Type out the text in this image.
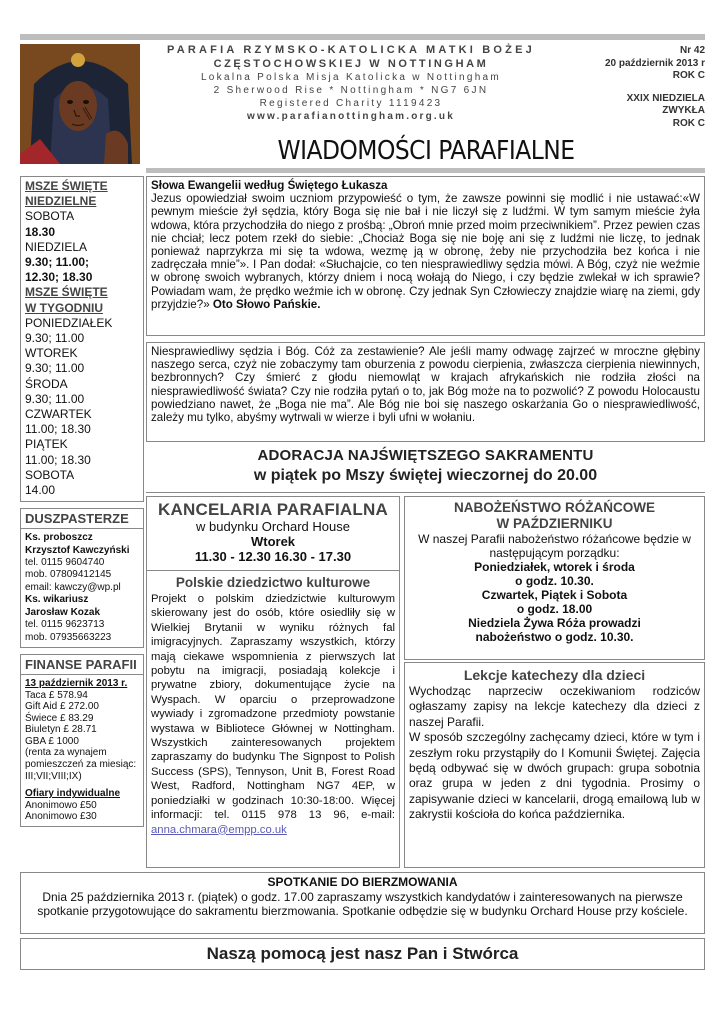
PARAFIA RZYMSKO-KATOLICKA MATKI BOŻEJ
CZĘSTOCHOWSKIEJ W NOTTINGHAM
Lokalna Polska Misja Katolicka w Nottingham
2 Sherwood Rise * Nottingham * NG7 6JN
Registered Charity 1119423
www.parafianottingham.org.uk
Nr 42
20 październik 2013 r
ROK C
XXIX NIEDZIELA
ZWYKŁA
ROK C
WIADOMOŚCI PARAFIALNE
MSZE ŚWIĘTE
NIEDZIELNE
SOBOTA
18.30
NIEDZIELA
9.30; 11.00;
12.30; 18.30
MSZE ŚWIĘTE
W TYGODNIU
PONIEDZIAŁEK
9.30; 11.00
WTOREK
9.30; 11.00
ŚRODA
9.30; 11.00
CZWARTEK
11.00; 18.30
PIĄTEK
11.00; 18.30
SOBOTA
14.00
DUSZPASTERZE
Ks. proboszcz
Krzysztof Kawczyński
tel. 0115 9604740
mob. 07809412145
email: kawczy@wp.pl
Ks. wikariusz
Jarosław Kozak
tel. 0115 9623713
mob. 07935663223
FINANSE PARAFII
13 październik 2013 r.
Taca £ 578.94
Gift Aid £ 272.00
Świece £ 83.29
Biuletyn £ 28.71
GBA £ 1000
(renta za wynajem pomieszczeń za miesiąc: III;VII;VIII;IX)
Ofiary indywidualne
Anonimowo £50
Anonimowo £30
Słowa Ewangelii według Świętego Łukasza

Jezus opowiedział swoim uczniom przypowieść o tym, że zawsze powinni się modlić i nie ustawać:«W pewnym mieście żył sędzia, który Boga się nie bał i nie liczył się z ludźmi. W tym samym mieście żyła wdowa, która przychodziła do niego z prośbą: „Obroń mnie przed moim przeciwnikiem”. Przez pewien czas nie chciał; lecz potem rzekł do siebie: „Chociaż Boga się nie boję ani się z ludźmi nie liczę, to jednak ponieważ naprzykrza mi się ta wdowa, wezmę ją w obronę, żeby nie przychodziła bez końca i nie zadręczała mnie”». I Pan dodał: «Słuchajcie, co ten niesprawiedliwy sędzia mówi. A Bóg, czyż nie weźmie w obronę swoich wybranych, którzy dniem i nocą wołają do Niego, i czy będzie zwlekał w ich sprawie? Powiadam wam, że prędko weźmie ich w obronę. Czy jednak Syn Człowieczy znajdzie wiarę na ziemi, gdy przyjdzie?» Oto Słowo Pańskie.

Niesprawiedliwy sędzia i Bóg. Cóż za zestawienie? Ale jeśli mamy odwagę zajrzeć w mroczne głębiny naszego serca, czyż nie zobaczymy tam oburzenia z powodu cierpienia, zwłaszcza cierpienia niewinnych, bezbronnych? Czy śmierć z głodu niemowląt w krajach afrykańskich nie rodziła złości na niesprawiedliwość świata? Czy nie rodziła pytań o to, jak Bóg może na to pozwolić? Z powodu Holocaustu powiedziano nawet, że „Boga nie ma”. Ale Bóg nie boi się naszego oskarżania Go o niesprawiedliwość, zależy mu tylko, abyśmy wytrwali w wierze i byli ufni w wołaniu.

ADORACJA NAJŚWIĘTSZEGO SAKRAMENTU
w piątek po Mszy świętej wieczornej do 20.00
KANCELARIA PARAFIALNA
w budynku Orchard House
Wtorek
11.30 - 12.30 16.30 - 17.30
Polskie dziedzictwo kulturowe

Projekt o polskim dziedzictwie kulturowym skierowany jest do osób, które osiedliły się w Wielkiej Brytanii w wyniku różnych fal imigracyjnych. Zapraszamy wszystkich, którzy mają ciekawe wspomnienia z pierwszych lat pobytu na imigracji, posiadają kolekcje i prywatne zbiory, dokumentujące życie na Wyspach. W oparciu o przeprowadzone wywiady i zgromadzone przedmioty powstanie wystawa w Bibliotece Głównej w Nottingham. Wszystkich zainteresowanych projektem zapraszamy do budynku The Signpost to Polish Success (SPS), Tennyson, Unit B, Forest Road West, Radford, Nottingham NG7 4EP, w poniedziałki w godzinach 10:30-18:00. Więcej informacji: tel. 0115 978 13 96, e-mail: anna.chmara@empp.co.uk

NABOŻEŃSTWO RÓŻAŃCOWE
W PAŹDZIERNIKU
W naszej Parafii nabożeństwo różańcowe będzie w następującym porządku:
Poniedziałek, wtorek i środa
o godz. 10.30.
Czwartek, Piątek i Sobota
o godz. 18.00
Niedziela Żywa Róża prowadzi
nabożeństwo o godz. 10.30.
Lekcje katechezy dla dzieci

Wychodząc naprzeciw oczekiwaniom rodziców ogłaszamy zapisy na lekcje katechezy dla dzieci z naszej Parafii.

W sposób szczególny zachęcamy dzieci, które w tym i zeszłym roku przystąpiły do I Komunii Świętej. Zajęcia będą odbywać się w dwóch grupach: grupa sobotnia oraz grupa w jeden z dni tygodnia. Prosimy o zapisywanie dzieci w kancelarii, drogą emailową lub w zakrystii kościoła do końca października.

SPOTKANIE DO BIERZMOWANIA
Dnia 25 października 2013 r. (piątek) o godz. 17.00 zapraszamy wszystkich kandydatów i zainteresowanych na pierwsze spotkanie przygotowujące do sakramentu bierzmowania. Spotkanie odbędzie się w budynku Orchard House przy kościele.
Naszą pomocą jest nasz Pan i Stwórca
